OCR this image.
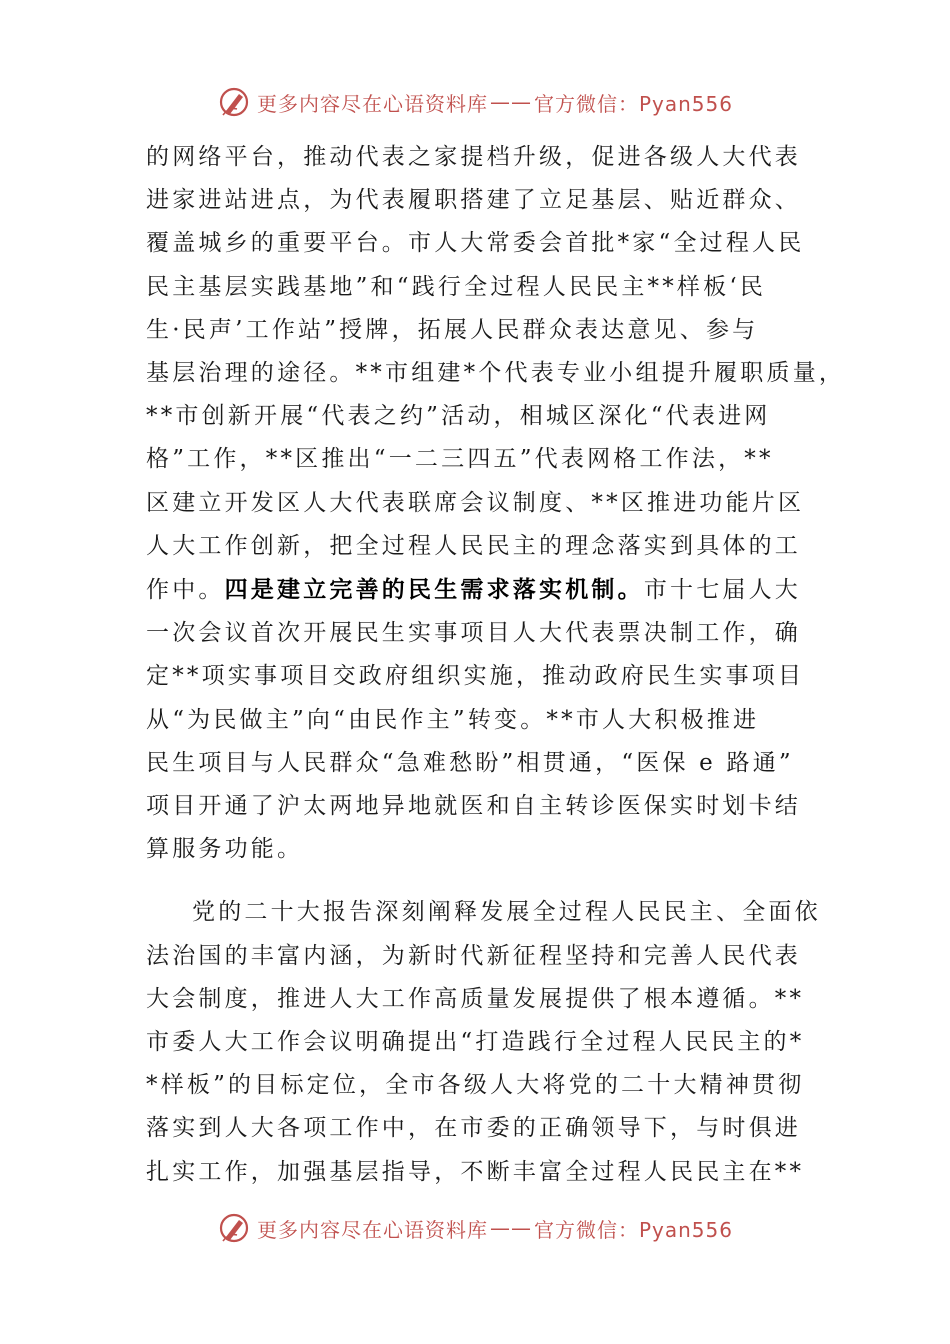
更多内容尽在心语资料库 —— 官方微信：Pyan556

的网络平台，推动代表之家提档升级，促进各级人大代表
进家进站进点，为代表履职搭建了立足基层、贴近群众、
覆盖城乡的重要平台。市人大常委会首批*家“全过程人民
民主基层实践基地”和“践行全过程人民民主**样板‘民
生·民声’工作站”授牌，拓展人民群众表达意见、参与
基层治理的途径。**市组建*个代表专业小组提升履职质量，
**市创新开展“代表之约”活动，相城区深化“代表进网
格”工作，**区推出“一二三四五”代表网格工作法，**
区建立开发区人大代表联席会议制度、**区推进功能片区
人大工作创新，把全过程人民民主的理念落实到具体的工
作中。四是建立完善的民生需求落实机制。市十七届人大
一次会议首次开展民生实事项目人大代表票决制工作，确
定**项实事项目交政府组织实施，推动政府民生实事项目
从“为民做主”向“由民作主”转变。**市人大积极推进
民生项目与人民群众“急难愁盼”相贯通，“医保 e 路通”
项目开通了沪太两地异地就医和自主转诊医保实时划卡结
算服务功能。

党的二十大报告深刻阐释发展全过程人民民主、全面依

法治国的丰富内涵，为新时代新征程坚持和完善人民代表
大会制度，推进人大工作高质量发展提供了根本遵循。**
市委人大工作会议明确提出“打造践行全过程人民民主的*
*样板”的目标定位，全市各级人大将党的二十大精神贯彻
落实到人大各项工作中，在市委的正确领导下，与时俱进
扎实工作，加强基层指导，不断丰富全过程人民民主在**

更多内容尽在心语资料库 —— 官方微信：Pyan556
